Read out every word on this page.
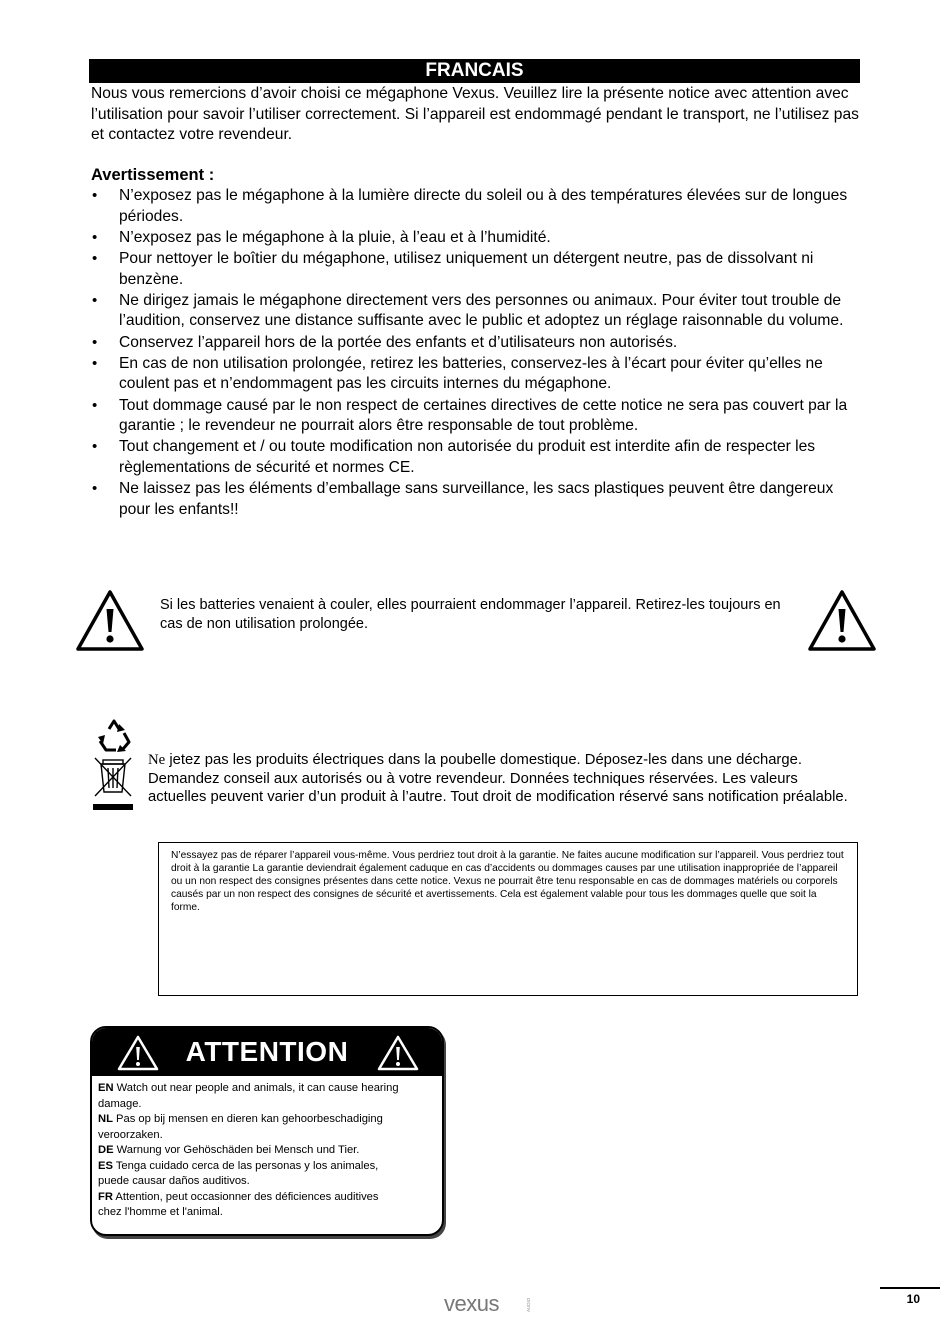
FRANCAIS
Nous vous remercions d’avoir choisi ce mégaphone Vexus. Veuillez lire la présente notice avec attention avec l’utilisation pour savoir l’utiliser correctement. Si l’appareil est endommagé pendant le transport, ne l’utilisez pas et contactez votre revendeur.
Avertissement :
• N’exposez pas le mégaphone à la lumière directe du soleil ou à des températures élevées sur de longues périodes.
• N’exposez pas le mégaphone à la pluie, à l’eau et à l’humidité.
• Pour nettoyer le boîtier du mégaphone, utilisez uniquement un détergent neutre, pas de dissolvant ni benzène.
• Ne dirigez jamais le mégaphone directement vers des personnes ou animaux. Pour éviter tout trouble de l’audition, conservez une distance suffisante avec le public et adoptez un réglage raisonnable du volume.
• Conservez l’appareil hors de la portée des enfants et d’utilisateurs non autorisés.
• En cas de non utilisation prolongée, retirez les batteries, conservez-les à l’écart pour éviter qu’elles ne coulent pas et n’endommagent pas les circuits internes du mégaphone.
• Tout dommage causé par le non respect de certaines directives de cette notice ne sera pas couvert par la garantie ; le revendeur ne pourrait alors être responsable de tout problème.
• Tout changement et / ou toute modification non autorisée du produit est interdite afin de respecter les règlementations de sécurité et normes CE.
• Ne laissez pas les éléments d’emballage sans surveillance, les sacs plastiques peuvent être dangereux pour les enfants!!
Si les batteries venaient à couler, elles pourraient endommager l’appareil. Retirez-les toujours en cas de non utilisation prolongée.
Ne jetez pas les produits électriques dans la poubelle domestique. Déposez-les dans une décharge. Demandez conseil aux autorisés ou à votre revendeur. Données techniques réservées. Les valeurs actuelles peuvent varier d’un produit à l’autre. Tout droit de modification réservé sans notification préalable.
N’essayez pas de réparer l’appareil vous-même. Vous perdriez tout droit à la garantie. Ne faites aucune modification sur l’appareil. Vous perdriez tout droit à la garantie La garantie deviendrait également caduque en cas d’accidents ou dommages causes par une utilisation inappropriée de l’appareil ou un non respect des consignes présentes dans cette notice. Vexus ne pourrait être tenu responsable en cas de dommages matériels ou corporels causés par un non respect des consignes de sécurité et avertissements. Cela est également valable pour tous les dommages quelle que soit la forme.
ATTENTION
EN Watch out near people and animals, it can cause hearing
damage.
NL Pas op bij mensen en dieren kan gehoorbeschadiging
veroorzaken.
DE Warnung vor Gehöschäden bei Mensch und Tier.
ES Tenga cuidado cerca de las personas y los animales,
puede causar daños auditivos.
FR Attention, peut occasionner des déficiences auditives
chez l'homme et l'animal.
vexus	AUDIO	10
